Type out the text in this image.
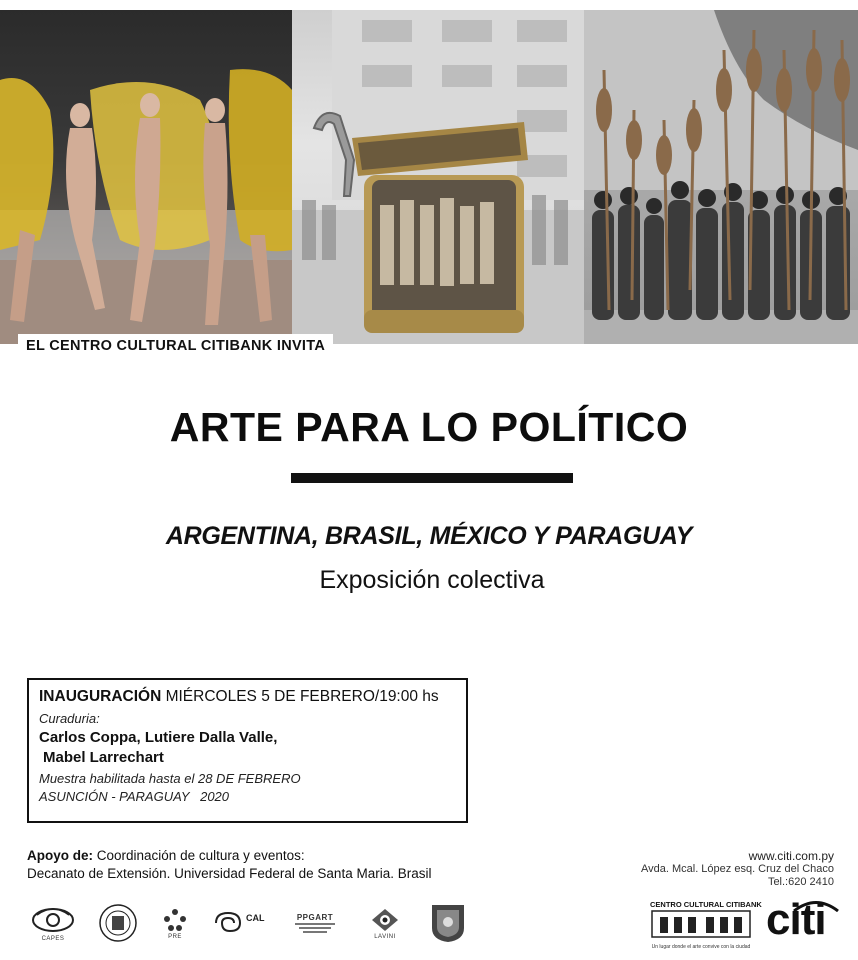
EL CENTRO CULTURAL CITIBANK INVITA
ARTE PARA LO POLÍTICO
ARGENTINA, BRASIL, MÉXICO Y PARAGUAY
Exposición colectiva
INAUGURACIÓN MIÉRCOLES 5 DE FEBRERO/19:00 hs
Curaduria:
Carlos Coppa, Lutiere Dalla Valle,
Mabel Larrechart
Muestra habilitada hasta el 28 DE FEBRERO
ASUNCIÓN - PARAGUAY   2020
Apoyo de: Coordinación de cultura y eventos:
Decanato de Extensión. Universidad Federal de Santa Maria. Brasil
www.citi.com.py
Avda. Mcal. López esq. Cruz del Chaco
Tel.:620 2410
CAPES	PRE
CAL	PPGART
LAVINI
CENTRO CULTURAL CITIBANK
Un lugar donde el arte convive con la ciudad
citi
